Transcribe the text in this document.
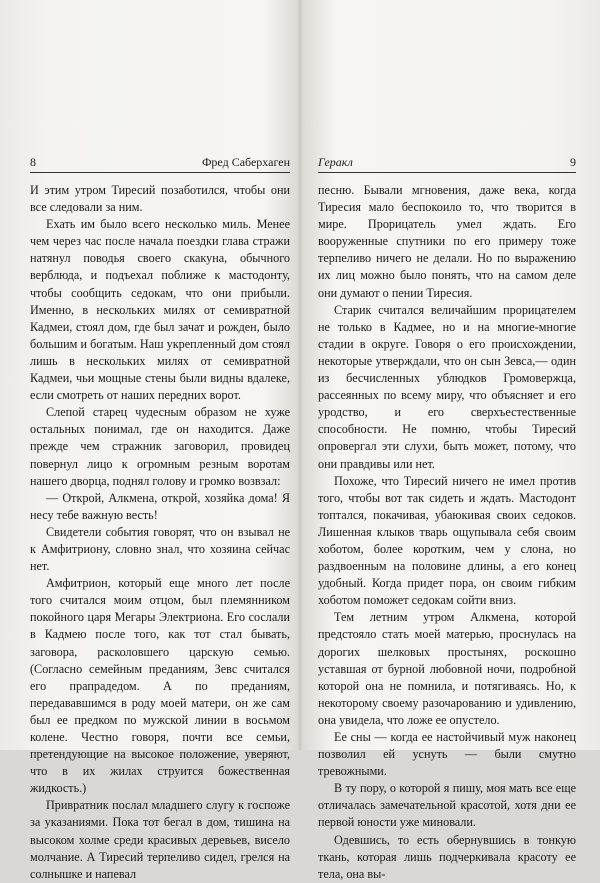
8	Фред Саберхаген

И этим утром Тиресий позаботился, чтобы они все следовали за ним.

Ехать им было всего несколько миль. Менее чем через час после начала поездки глава стражи натянул поводья своего скакуна, обычного верблюда, и подъехал поближе к мастодонту, чтобы сообщить седокам, что они прибыли. Именно, в нескольких милях от семивратной Кадмеи, стоял дом, где был зачат и рожден, было большим и богатым. Наш укрепленный дом стоял лишь в нескольких милях от семивратной Кадмеи, чьи мощные стены были видны вдалеке, если смотреть от наших передних ворот.

Слепой старец чудесным образом не хуже остальных понимал, где он находится. Даже прежде чем стражник заговорил, провидец повернул лицо к огромным резным воротам нашего дворца, поднял голову и громко возвзал:

— Открой, Алкмена, открой, хозяйка дома! Я несу тебе важную весть!

Свидетели события говорят, что он взывал не к Амфитриону, словно знал, что хозяина сейчас нет.

Амфитрион, который еще много лет после того считался моим отцом, был племянником покойного царя Мегары Электриона. Его сослали в Кадмею после того, как тот стал бывать, заговора, расколовшего царскую семью. (Согласно семейным преданиям, Зевс считался его прапрадедом. А по преданиям, передававшимся в роду моей матери, он же сам был ее предком по мужской линии в восьмом колене. Честно говоря, почти все семьи, претендующие на высокое положение, уверяют, что в их жилах струится божественная жидкость.)

Привратник послал младшего слугу к госпоже за указаниями. Пока тот бегал в дом, тишина на высоком холме среди красивых деревьев, висело молчание. А Тиресий терпеливо сидел, грелся на солнышке и напевал

Геракл	9

песню. Бывали мгновения, даже века, когда Тиресия мало беспокоило то, что творится в мире. Прорицатель умел ждать. Его вооруженные спутники по его примеру тоже терпеливо ничего не делали. Но по выражению их лиц можно было понять, что на самом деле они думают о пении Тиресия.

Старик считался величайшим прорицателем не только в Кадмее, но и на многие-многие стадии в округе. Говоря о его происхождении, некоторые утверждали, что он сын Зевса,— один из бесчисленных ублюдков Громовержца, рассеянных по всему миру, что объясняет и его уродство, и его сверхъестественные способности. Не помню, чтобы Тиресий опровергал эти слухи, быть может, потому, что они правдивы или нет.

Похоже, что Тиресий ничего не имел против того, чтобы вот так сидеть и ждать. Мастодонт топтался, покачивая, убаюкивая своих седоков. Лишенная клыков тварь ощупывала себя своим хоботом, более коротким, чем у слона, но раздвоенным на половине длины, а его конец удобный. Когда придет пора, он своим гибким хоботом поможет седокам сойти вниз.

Тем летним утром Алкмена, которой предстояло стать моей матерью, проснулась на дорогих шелковых простынях, роскошно уставшая от бурной любовной ночи, подробной которой она не помнила, и потягиваясь. Но, к некоторому своему разочарованию и удивлению, она увидела, что ложе ее опустело.

Ее сны — когда ее настойчивый муж наконец позволил ей уснуть — были смутно тревожными.

В ту пору, о которой я пишу, моя мать все еще отличалась замечательной красотой, хотя дни ее первой юности уже миновали.

Одевшись, то есть обернувшись в тонкую ткань, которая лишь подчеркивала красоту ее тела, она вы-
